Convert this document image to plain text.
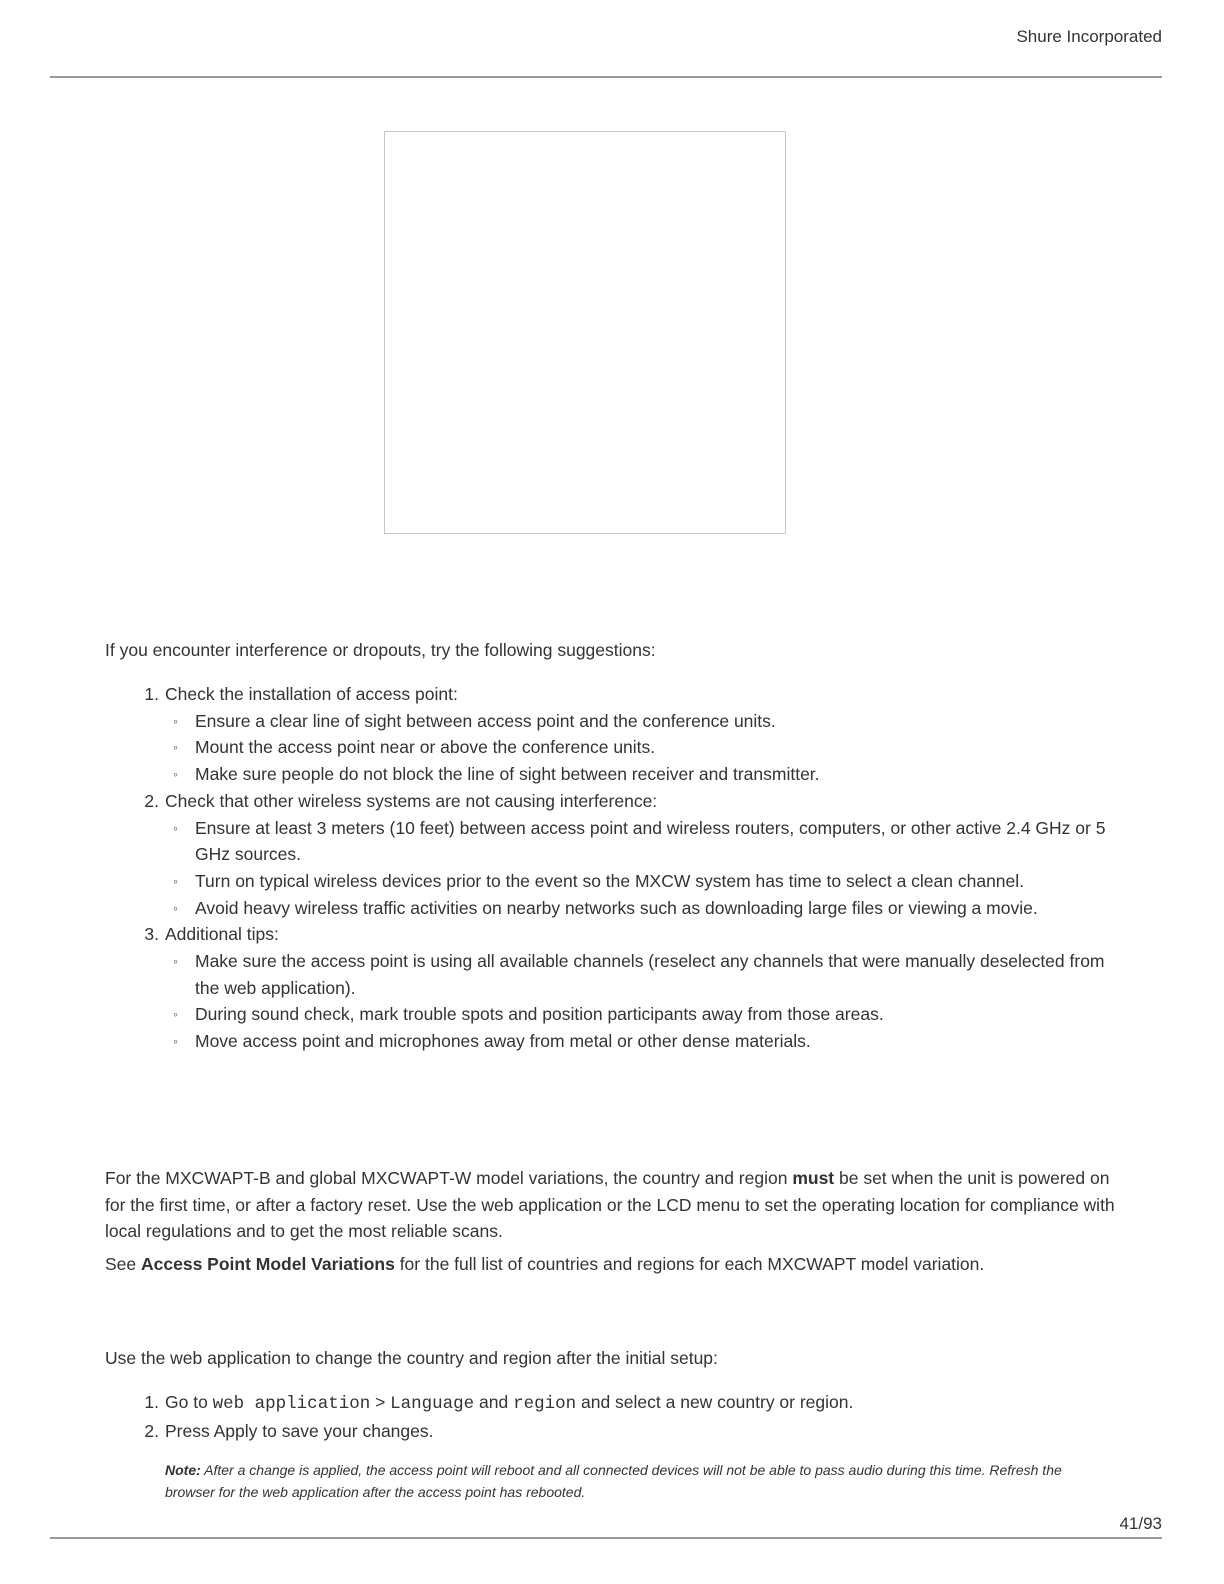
Shure Incorporated
If you encounter interference or dropouts, try the following suggestions:
1. Check the installation of access point:
◦ Ensure a clear line of sight between access point and the conference units.
◦ Mount the access point near or above the conference units.
◦ Make sure people do not block the line of sight between receiver and transmitter.
2. Check that other wireless systems are not causing interference:
◦ Ensure at least 3 meters (10 feet) between access point and wireless routers, computers, or other active 2.4 GHz or 5 GHz sources.
◦ Turn on typical wireless devices prior to the event so the MXCW system has time to select a clean channel.
◦ Avoid heavy wireless traffic activities on nearby networks such as downloading large files or viewing a movie.
3. Additional tips:
◦ Make sure the access point is using all available channels (reselect any channels that were manually deselected from the web application).
◦ During sound check, mark trouble spots and position participants away from those areas.
◦ Move access point and microphones away from metal or other dense materials.
For the MXCWAPT-B and global MXCWAPT-W model variations, the country and region must be set when the unit is powered on for the first time, or after a factory reset. Use the web application or the LCD menu to set the operating location for compliance with local regulations and to get the most reliable scans.
See Access Point Model Variations for the full list of countries and regions for each MXCWAPT model variation.
Use the web application to change the country and region after the initial setup:
1. Go to web application > Language and region and select a new country or region.
2. Press Apply to save your changes.
Note: After a change is applied, the access point will reboot and all connected devices will not be able to pass audio during this time. Refresh the browser for the web application after the access point has rebooted.
41/93
